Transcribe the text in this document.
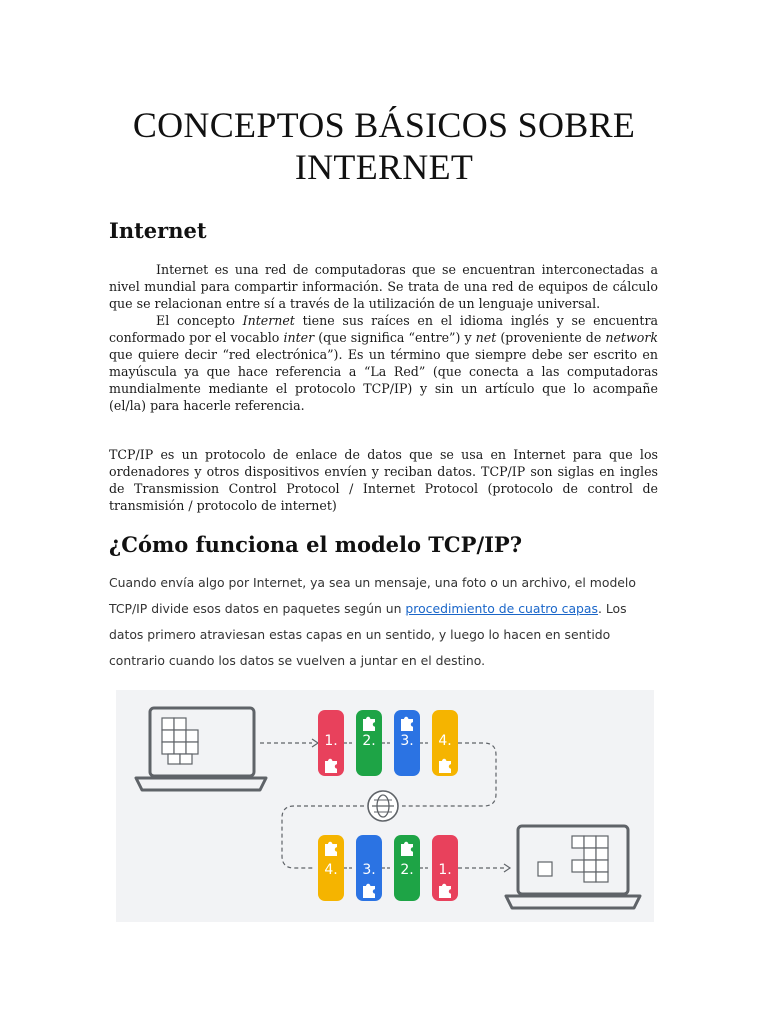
CONCEPTOS BÁSICOS SOBRE
INTERNET
Internet

Internet es una red de computadoras que se encuentran interconectadas a nivel mundial para compartir información. Se trata de una red de equipos de cálculo que se relacionan entre sí a través de la utilización de un lenguaje universal.
El concepto Internet tiene sus raíces en el idioma inglés y se encuentra conformado por el vocablo inter (que significa “entre”) y net (proveniente de network que quiere decir “red electrónica”). Es un término que siempre debe ser escrito en mayúscula ya que hace referencia a “La Red” (que conecta a las computadoras mundialmente mediante el protocolo TCP/IP) y sin un artículo que lo acompañe (el/la) para hacerle referencia.

TCP/IP es un protocolo de enlace de datos que se usa en Internet para que los ordenadores y otros dispositivos envíen y reciban datos. TCP/IP son siglas en ingles de Transmission Control Protocol / Internet Protocol (protocolo de control de transmisión / protocolo de internet)

¿Cómo funciona el modelo TCP/IP?

Cuando envía algo por Internet, ya sea un mensaje, una foto o un archivo, el modelo TCP/IP divide esos datos en paquetes según un procedimiento de cuatro capas. Los datos primero atraviesan estas capas en un sentido, y luego lo hacen en sentido contrario cuando los datos se vuelven a juntar en el destino.

1. 2. 3. 4.
4. 3. 2. 1.
